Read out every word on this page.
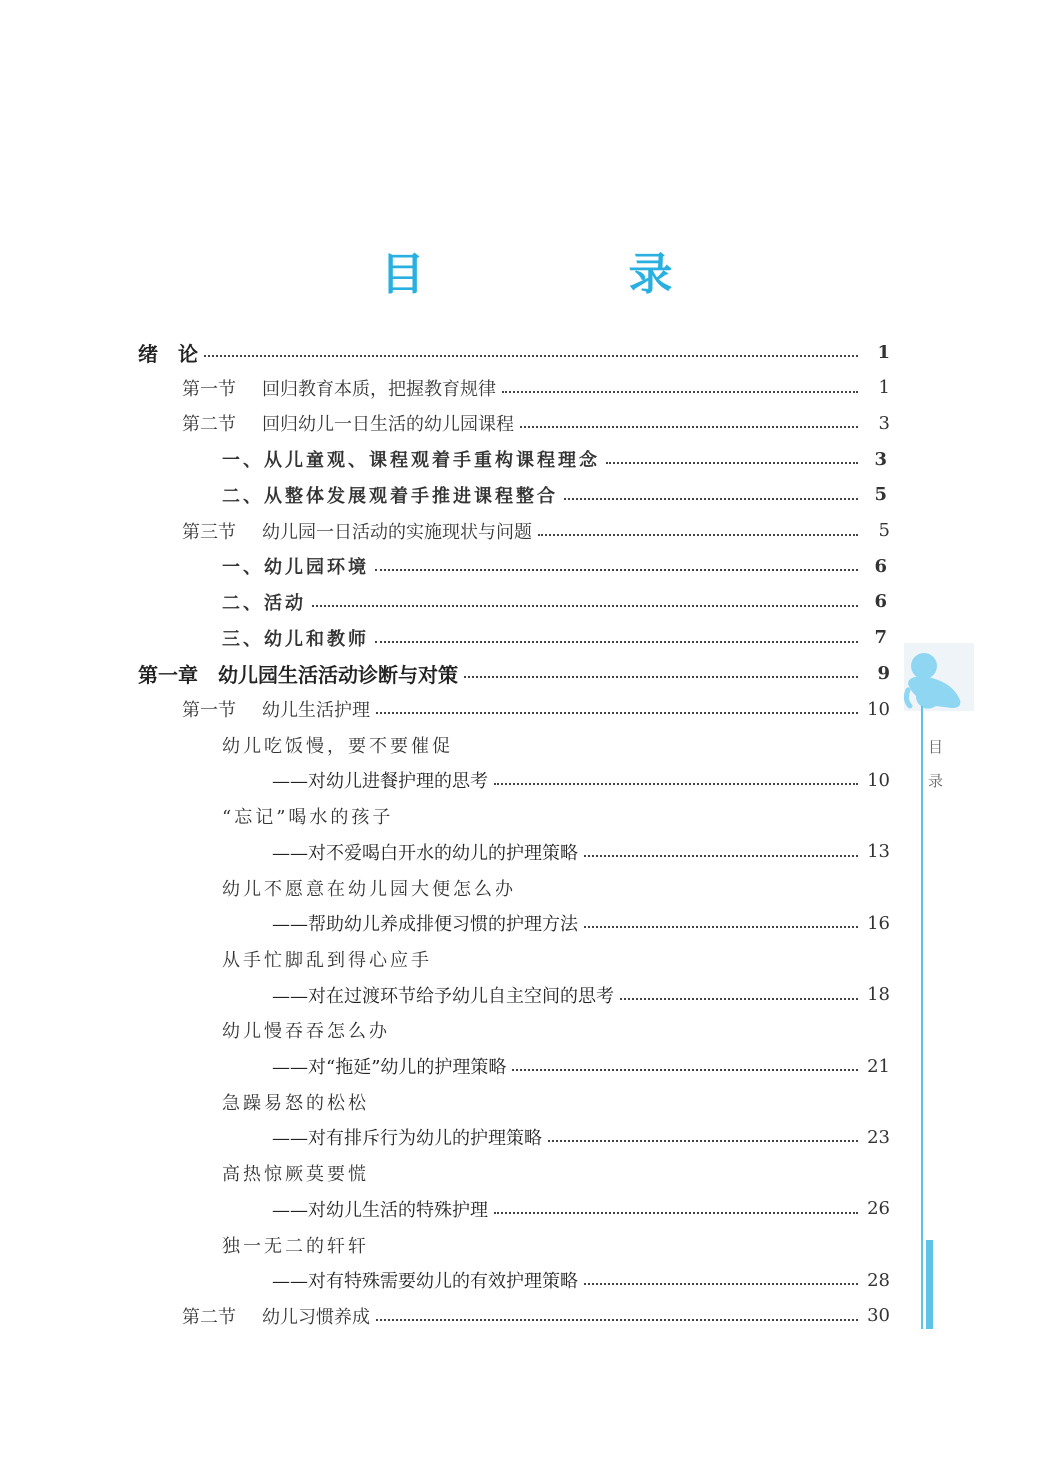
目　录
绪　论	1
第一节 回归教育本质，把握教育规律	1
第二节 回归幼儿一日生活的幼儿园课程	3
一、从儿童观、课程观着手重构课程理念	3
二、从整体发展观着手推进课程整合	5
第三节 幼儿园一日活动的实施现状与问题	5
一、幼儿园环境	6
二、活动	6
三、幼儿和教师	7
第一章　幼儿园生活活动诊断与对策	9
第一节 幼儿生活护理	10
幼儿吃饭慢，要不要催促
——对幼儿进餐护理的思考	10
“忘记”喝水的孩子
——对不爱喝白开水的幼儿的护理策略	13
幼儿不愿意在幼儿园大便怎么办
——帮助幼儿养成排便习惯的护理方法	16
从手忙脚乱到得心应手
——对在过渡环节给予幼儿自主空间的思考	18
幼儿慢吞吞怎么办
——对“拖延”幼儿的护理策略	21
急躁易怒的松松
——对有排斥行为幼儿的护理策略	23
高热惊厥莫要慌
——对幼儿生活的特殊护理	26
独一无二的轩轩
——对有特殊需要幼儿的有效护理策略	28
第二节 幼儿习惯养成	30
目
录
